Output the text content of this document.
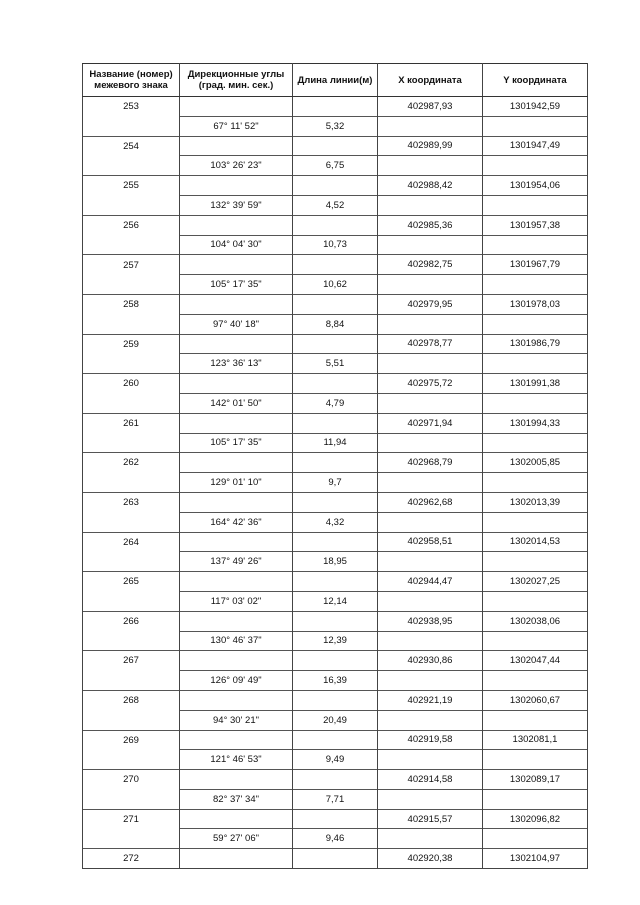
Название (номер) межевого знака	Дирекционные углы (град. мин. сек.)	Длина линии(м)	X координата	Y координата
253			402987,93	1301942,59
	67° 11' 52"	5,32		
254			402989,99	1301947,49
	103° 26' 23"	6,75		
255			402988,42	1301954,06
	132° 39' 59"	4,52		
256			402985,36	1301957,38
	104° 04' 30"	10,73		
257			402982,75	1301967,79
	105° 17' 35"	10,62		
258			402979,95	1301978,03
	97° 40' 18"	8,84		
259			402978,77	1301986,79
	123° 36' 13"	5,51		
260			402975,72	1301991,38
	142° 01' 50"	4,79		
261			402971,94	1301994,33
	105° 17' 35"	11,94		
262			402968,79	1302005,85
	129° 01' 10"	9,7		
263			402962,68	1302013,39
	164° 42' 36"	4,32		
264			402958,51	1302014,53
	137° 49' 26"	18,95		
265			402944,47	1302027,25
	117° 03' 02"	12,14		
266			402938,95	1302038,06
	130° 46' 37"	12,39		
267			402930,86	1302047,44
	126° 09' 49"	16,39		
268			402921,19	1302060,67
	94° 30' 21"	20,49		
269			402919,58	1302081,1
	121° 46' 53"	9,49		
270			402914,58	1302089,17
	82° 37' 34"	7,71		
271			402915,57	1302096,82
	59° 27' 06"	9,46		
272			402920,38	1302104,97
